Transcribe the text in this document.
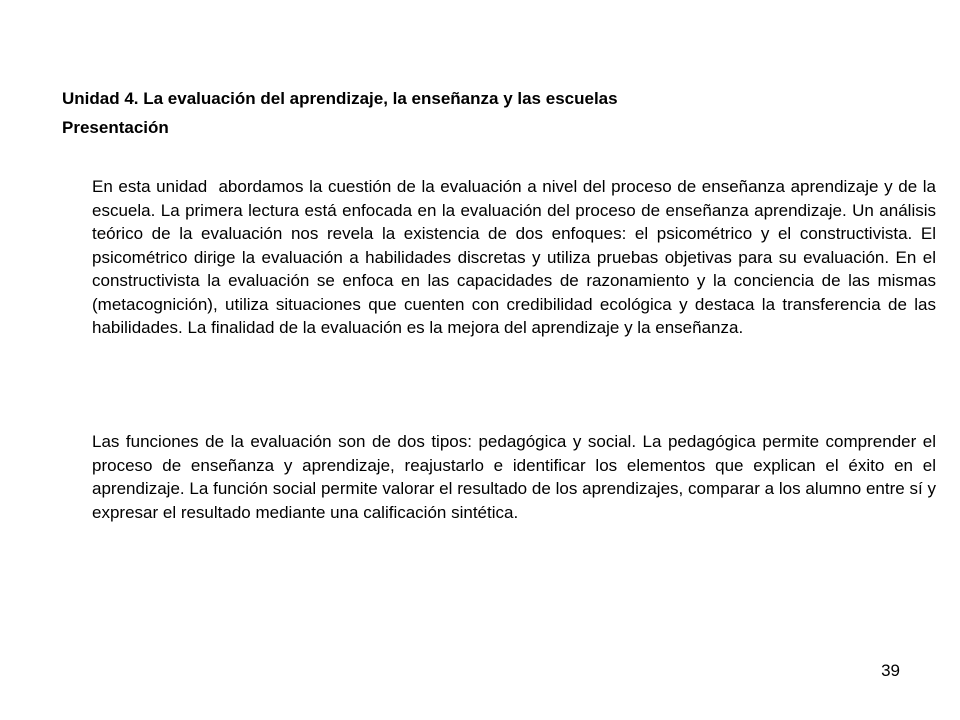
Unidad 4. La evaluación del aprendizaje, la enseñanza y las escuelas
Presentación

En esta unidad  abordamos la cuestión de la evaluación a nivel del proceso de enseñanza aprendizaje y de la escuela. La primera lectura está enfocada en la evaluación del proceso de enseñanza aprendizaje. Un análisis teórico de la evaluación nos revela la existencia de dos enfoques: el psicométrico y el constructivista. El psicométrico dirige la evaluación a habilidades discretas y utiliza pruebas objetivas para su evaluación. En el constructivista la evaluación se enfoca en las capacidades de razonamiento y la conciencia de las mismas (metacognición), utiliza situaciones que cuenten con credibilidad ecológica y destaca la transferencia de las habilidades. La finalidad de la evaluación es la mejora del aprendizaje y la enseñanza.

Las funciones de la evaluación son de dos tipos: pedagógica y social. La pedagógica permite comprender el proceso de enseñanza y aprendizaje, reajustarlo e identificar los elementos que explican el éxito en el aprendizaje. La función social permite valorar el resultado de los aprendizajes, comparar a los alumno entre sí y expresar el resultado mediante una calificación sintética.

39
